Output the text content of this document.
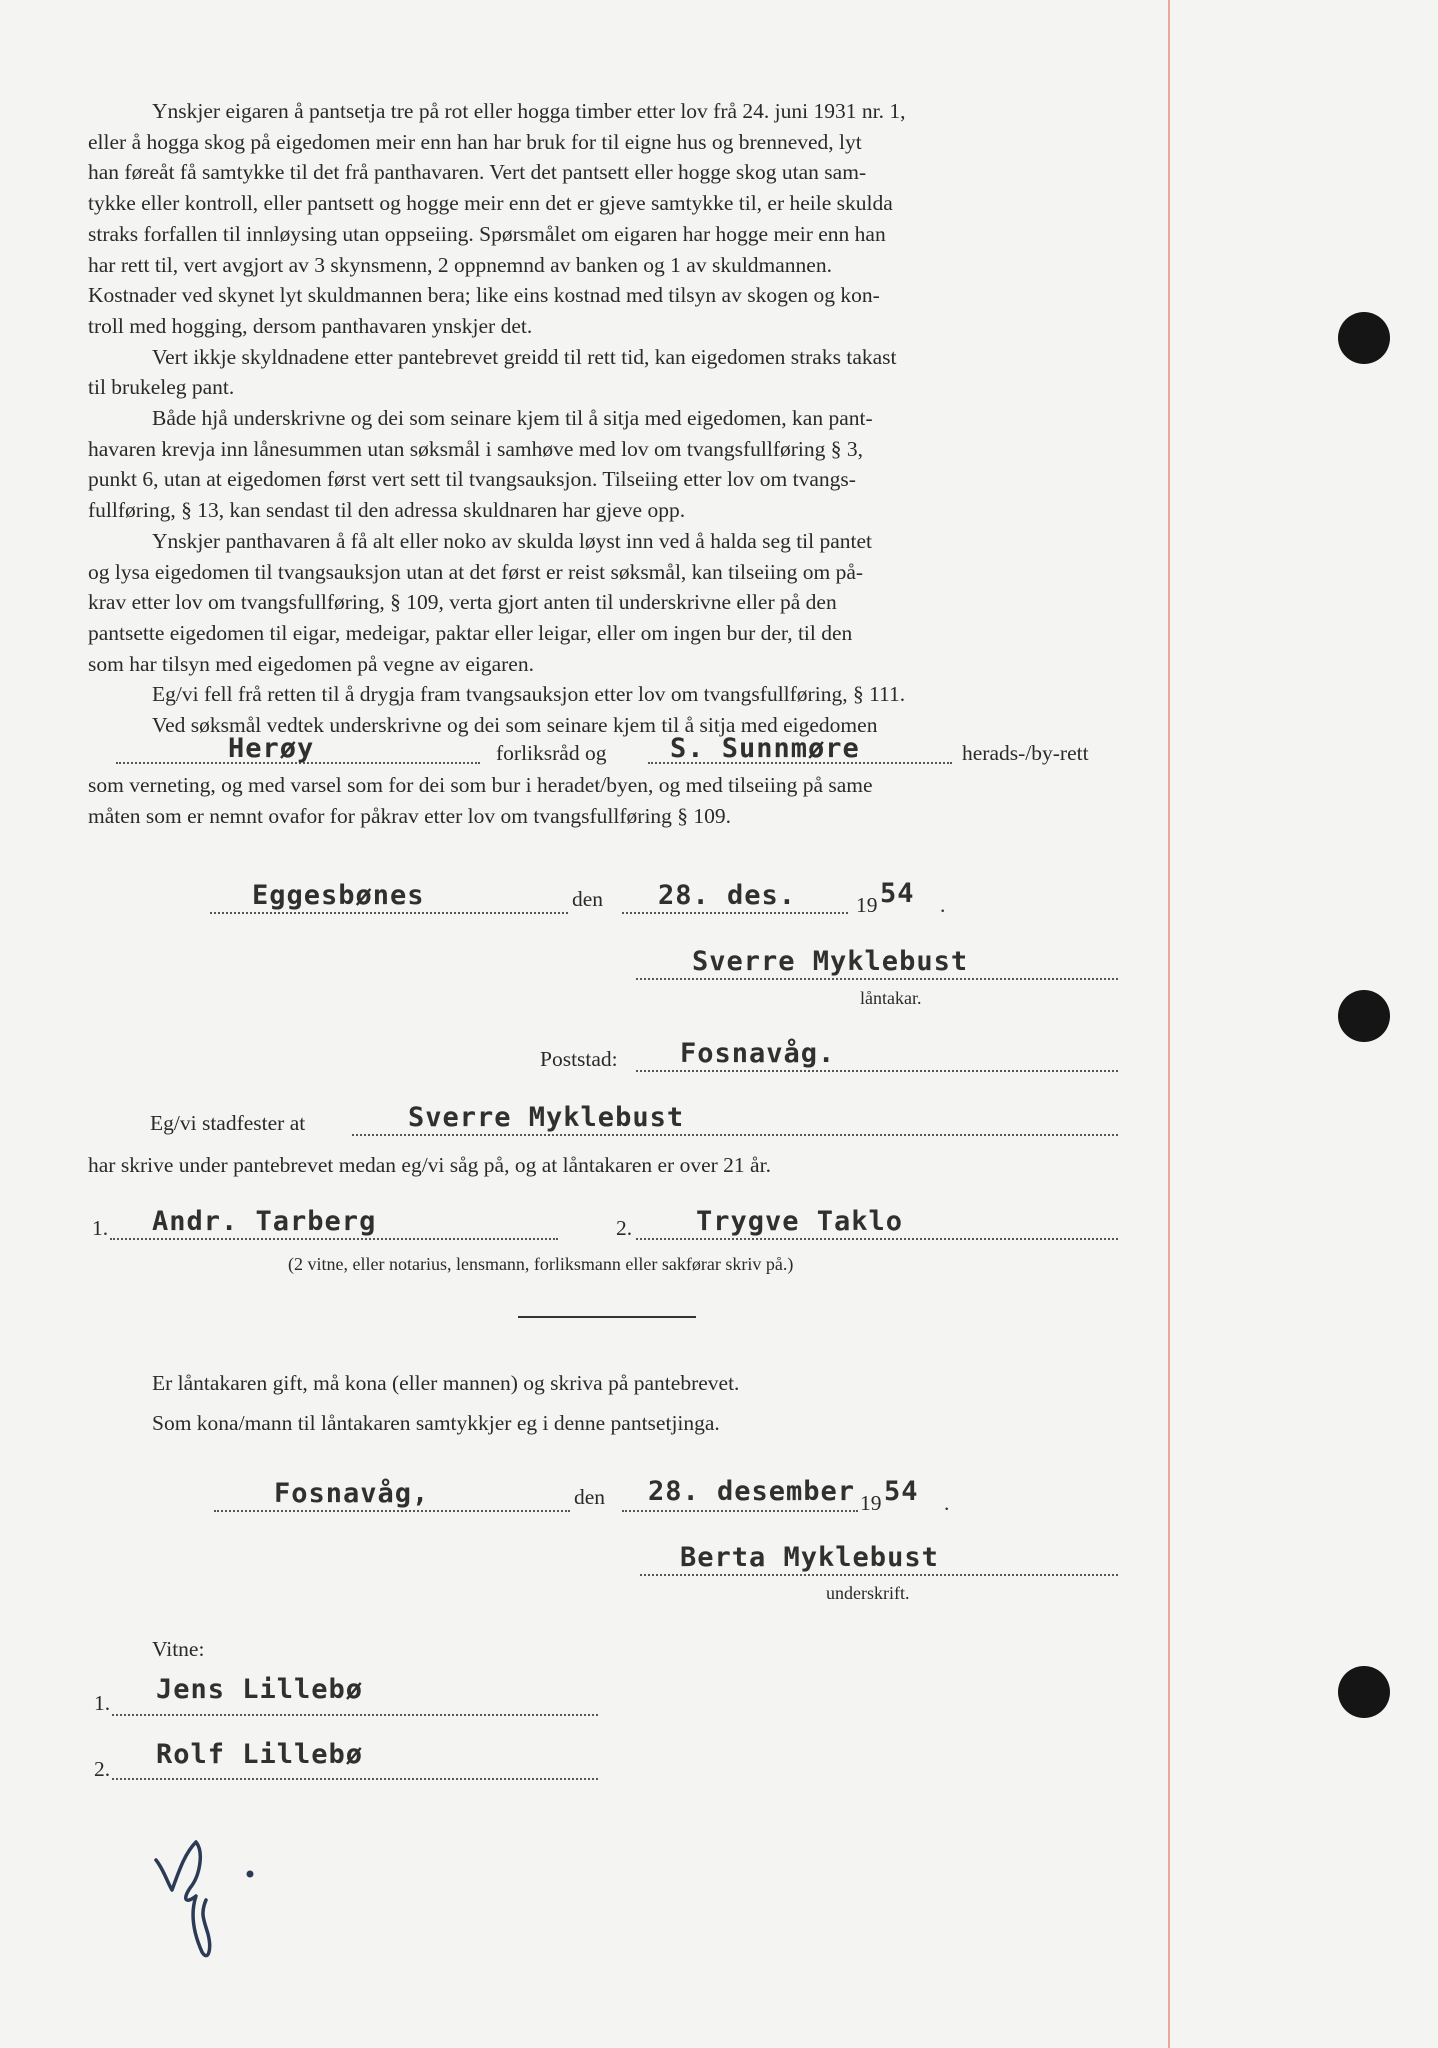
Ynskjer eigaren å pantsetja tre på rot eller hogga timber etter lov frå 24. juni 1931 nr. 1,
eller å hogga skog på eigedomen meir enn han har bruk for til eigne hus og brenneved, lyt
han føreåt få samtykke til det frå panthavaren. Vert det pantsett eller hogge skog utan sam-
tykke eller kontroll, eller pantsett og hogge meir enn det er gjeve samtykke til, er heile skulda
straks forfallen til innløysing utan oppseiing. Spørsmålet om eigaren har hogge meir enn han
har rett til, vert avgjort av 3 skynsmenn, 2 oppnemnd av banken og 1 av skuldmannen.
Kostnader ved skynet lyt skuldmannen bera; like eins kostnad med tilsyn av skogen og kon-
troll med hogging, dersom panthavaren ynskjer det.
Vert ikkje skyldnadene etter pantebrevet greidd til rett tid, kan eigedomen straks takast
til brukeleg pant.
Både hjå underskrivne og dei som seinare kjem til å sitja med eigedomen, kan pant-
havaren krevja inn lånesummen utan søksmål i samhøve med lov om tvangsfullføring § 3,
punkt 6, utan at eigedomen først vert sett til tvangsauksjon. Tilseiing etter lov om tvangs-
fullføring, § 13, kan sendast til den adressa skuldnaren har gjeve opp.
Ynskjer panthavaren å få alt eller noko av skulda løyst inn ved å halda seg til pantet
og lysa eigedomen til tvangsauksjon utan at det først er reist søksmål, kan tilseiing om på-
krav etter lov om tvangsfullføring, § 109, verta gjort anten til underskrivne eller på den
pantsette eigedomen til eigar, medeigar, paktar eller leigar, eller om ingen bur der, til den
som har tilsyn med eigedomen på vegne av eigaren.
Eg/vi fell frå retten til å drygja fram tvangsauksjon etter lov om tvangsfullføring, § 111.
Ved søksmål vedtek underskrivne og dei som seinare kjem til å sitja med eigedomen
Herøy	forliksråd og S. Sunnmøre	herads-/by-rett
som verneting, og med varsel som for dei som bur i heradet/byen, og med tilseiing på same
måten som er nemnt ovafor for påkrav etter lov om tvangsfullføring § 109.
Eggesbønes	den 28. des.	19 54 .
Sverre Myklebust
låntakar.
Poststad: Fosnavåg.
Eg/vi stadfester at	Sverre Myklebust
har skrive under pantebrevet medan eg/vi såg på, og at låntakaren er over 21 år.
1. Andr. Tarberg	2. Trygve Taklo
(2 vitne, eller notarius, lensmann, forliksmann eller sakførar skriv på.)
Er låntakaren gift, må kona (eller mannen) og skriva på pantebrevet.
Som kona/mann til låntakaren samtykkjer eg i denne pantsetjinga.
Fosnavåg,	den 28. desember 19 54 .
Berta Myklebust
underskrift.
Vitne:
1. Jens Lillebø
2. Rolf Lillebø
